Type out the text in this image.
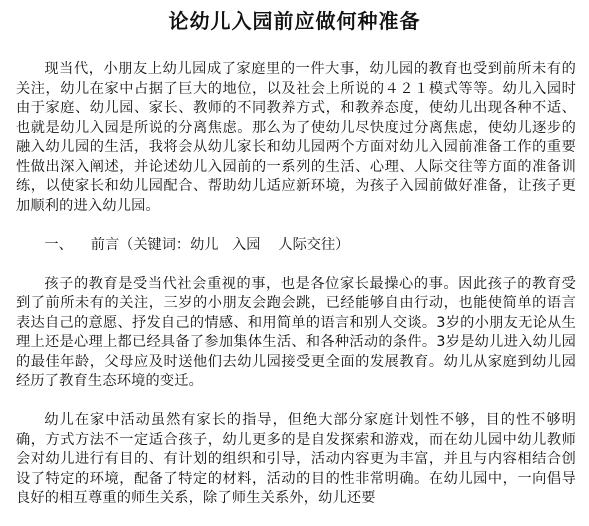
论幼儿入园前应做何种准备

现当代，小朋友上幼儿园成了家庭里的一件大事，幼儿园的教育也受到前所未有的关注，幼儿在家中占据了巨大的地位，以及社会上所说的４２１模式等等。幼儿入园时由于家庭、幼儿园、家长、教师的不同教养方式，和教养态度，使幼儿出现各种不适、也就是幼儿入园是所说的分离焦虑。那么为了使幼儿尽快度过分离焦虑，使幼儿逐步的融入幼儿园的生活，我将会从幼儿家长和幼儿园两个方面对幼儿入园前准备工作的重要性做出深入阐述，并论述幼儿入园前的一系列的生活、心理、人际交往等方面的准备训练，以使家长和幼儿园配合、帮助幼儿适应新环境，为孩子入园前做好准备，让孩子更加顺利的进入幼儿园。

一、    前言（关键词：幼儿   入园    人际交往）

孩子的教育是受当代社会重视的事，也是各位家长最操心的事。因此孩子的教育受到了前所未有的关注，三岁的小朋友会跑会跳，已经能够自由行动，也能使简单的语言表达自己的意愿、抒发自己的情感、和用简单的语言和别人交谈。3岁的小朋友无论从生理上还是心理上都已经具备了参加集体生活、和各种活动的条件。3岁是幼儿进入幼儿园的最佳年龄，父母应及时送他们去幼儿园接受更全面的发展教育。幼儿从家庭到幼儿园经历了教育生态环境的变迁。

幼儿在家中活动虽然有家长的指导，但绝大部分家庭计划性不够，目的性不够明确，方式方法不一定适合孩子，幼儿更多的是自发探索和游戏，而在幼儿园中幼儿教师会对幼儿进行有目的、有计划的组织和引导，活动内容更为丰富，并且与内容相结合创设了特定的环境，配备了特定的材料，活动的目的性非常明确。在幼儿园中，一向倡导良好的相互尊重的师生关系，除了师生关系外，幼儿还要
